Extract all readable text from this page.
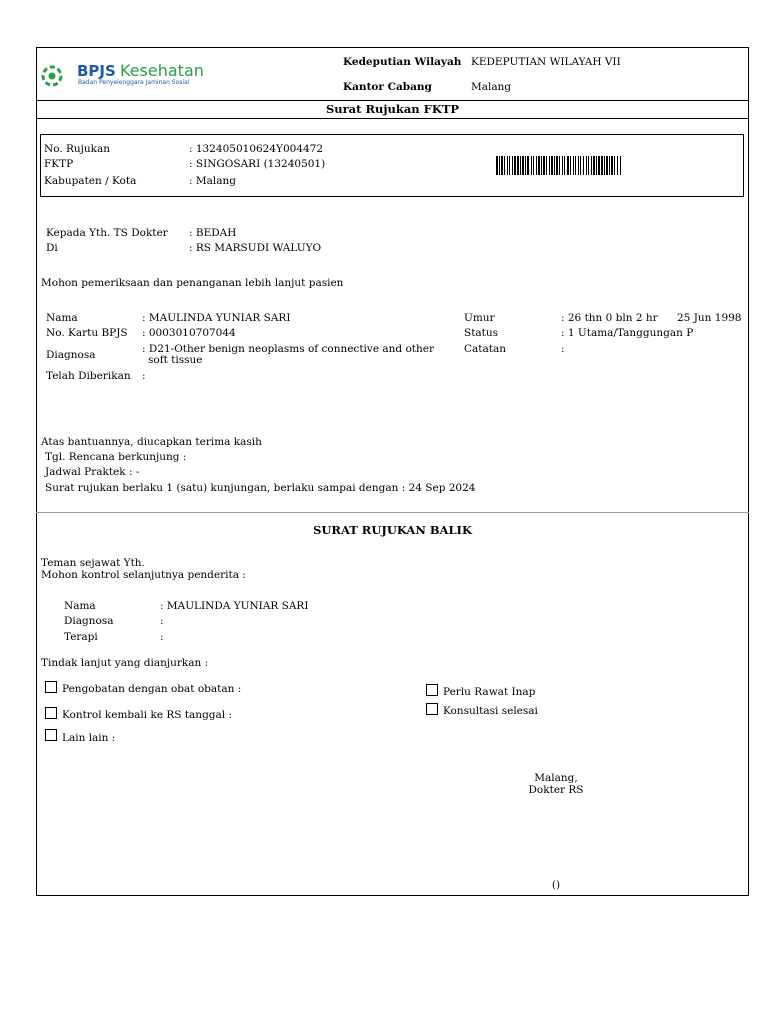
BPJS Kesehatan
Badan Penyelenggara Jaminan Sosial
Kedeputian Wilayah KEDEPUTIAN WILAYAH VII
Kantor Cabang	Malang
Surat Rujukan FKTP
No. Rujukan	: 132405010624Y004472
FKTP	: SINGOSARI (13240501)
Kabupaten / Kota	: Malang
Kepada Yth. TS Dokter : BEDAH
Di	: RS MARSUDI WALUYO
Mohon pemeriksaan dan penanganan lebih lanjut pasien
Nama	: MAULINDA YUNIAR SARI
No. Kartu BPJS : 0003010707044
Diagnosa	: D21-Other benign neoplasms of connective and other
soft tissue
Telah Diberikan :
Umur	: 26 thn 0 bln 2 hr 25 Jun 1998
Status	: 1 Utama/Tanggungan P
Catatan	:
Atas bantuannya, diucapkan terima kasih
Tgl. Rencana berkunjung :
Jadwal Praktek : -
Surat rujukan berlaku 1 (satu) kunjungan, berlaku sampai dengan : 24 Sep 2024
SURAT RUJUKAN BALIK
Teman sejawat Yth.
Mohon kontrol selanjutnya penderita :
Nama	: MAULINDA YUNIAR SARI
Diagnosa	:
Terapi	:
Tindak lanjut yang dianjurkan :
Pengobatan dengan obat obatan :
Kontrol kembali ke RS tanggal :
Lain lain :
Perlu Rawat Inap
Konsultasi selesai
Malang,
Dokter RS
()
